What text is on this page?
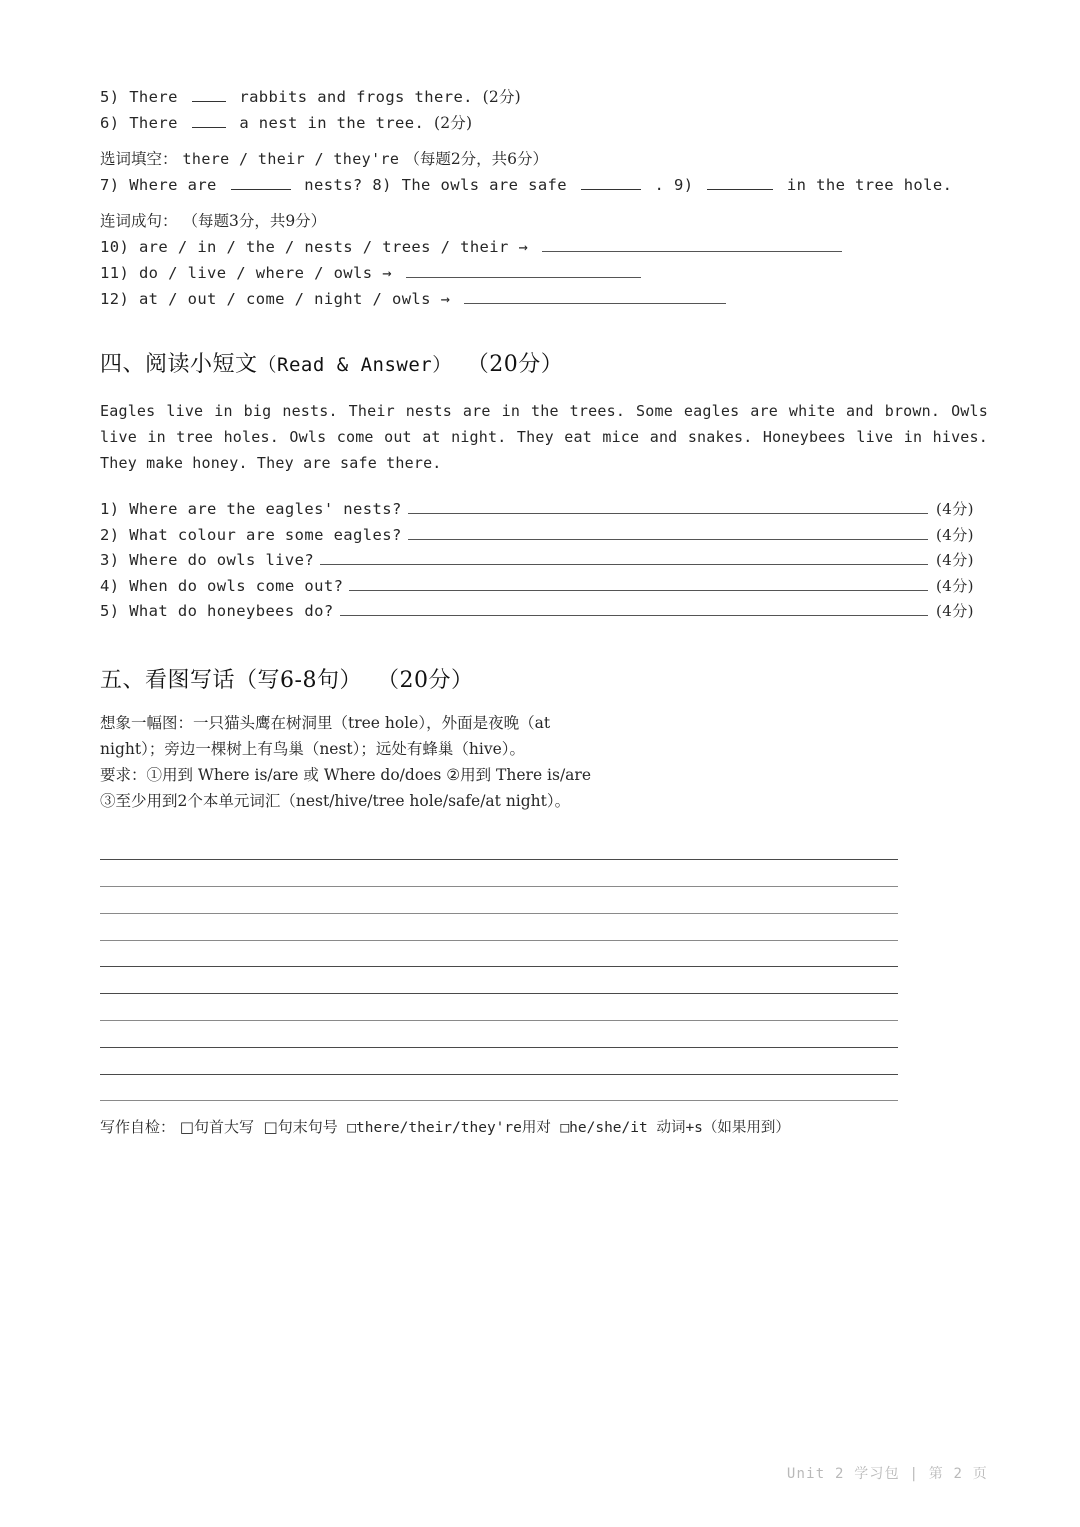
5) There	rabbits and frogs there. (2分)
6) There	a nest in the tree. (2分)
选词填空： there / their / they're （每题2分，共6分）
7) Where are	nests? 8) The owls are safe	. 9)	in the tree hole.
连词成句： （每题3分，共9分）
10) are / in / the / nests / trees / their →
11) do / live / where / owls →
12) at / out / come / night / owls →
四、阅读小短文（Read & Answer） （20分）
Eagles live in big nests. Their nests are in the trees. Some eagles are white and brown. Owls live in tree holes. Owls come out at night. They eat mice and snakes. Honeybees live in hives. They make honey. They are safe there.
1)
Where are the eagles' nests?	(4分)
2)
What colour are some eagles?	(4分)
3)
Where do owls live?	(4分)
4)
When do owls come out?	(4分)
5)
What do honeybees do?	(4分)
五、看图写话（写6-8句） （20分）
想象一幅图：一只猫头鹰在树洞里（tree hole），外面是夜晚（at
night）；旁边一棵树上有鸟巢（nest）；远处有蜂巢（hive）。
要求：①用到 Where is/are 或 Where do/does ②用到 There is/are
③至少用到2个本单元词汇（nest/hive/tree hole/safe/at night）。
写作自检： □句首大写 □句末句号 □there/their/they're用对 □he/she/it 动词+s（如果用到）
Unit 2 学习包 | 第 2 页
